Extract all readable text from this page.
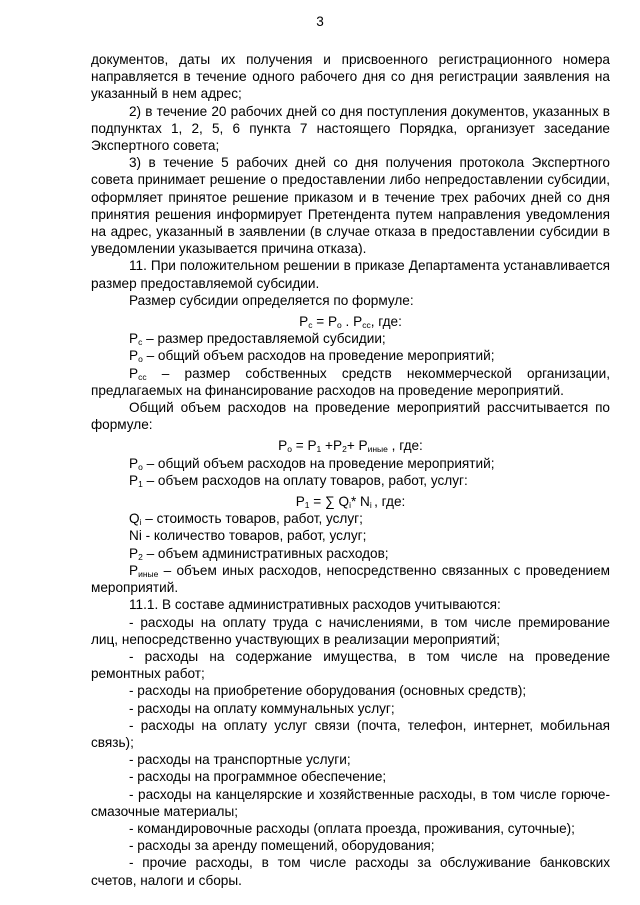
3

документов, даты их получения и присвоенного регистрационного номера направляется в течение одного рабочего дня со дня регистрации заявления на указанный в нем адрес;

2) в течение 20 рабочих дней со дня поступления документов, указанных в подпунктах 1, 2, 5, 6 пункта 7 настоящего Порядка, организует заседание Экспертного совета;

3) в течение 5 рабочих дней со дня получения протокола Экспертного совета принимает решение о предоставлении либо непредоставлении субсидии, оформляет принятое решение приказом и в течение трех рабочих дней со дня принятия решения информирует Претендента путем направления уведомления на адрес, указанный в заявлении (в случае отказа в предоставлении субсидии в уведомлении указывается причина отказа).

11. При положительном решении в приказе Департамента устанавливается размер предоставляемой субсидии.

Размер субсидии определяется по формуле:

$Р_с = Р_о$ . $Р_{сс}$, где:

$Р_с$ – размер предоставляемой субсидии;

$Р_о$ – общий объем расходов на проведение мероприятий;

$Р_{сс}$ – размер собственных средств некоммерческой организации, предлагаемых на финансирование расходов на проведение мероприятий.

Общий объем расходов на проведение мероприятий рассчитывается по формуле:

$Р_о = Р_1 +Р_2+ Р_{иные}$ , где:

$Р_о$ – общий объем расходов на проведение мероприятий;

$Р_1$ – объем расходов на оплату товаров, работ, услуг:

$Р_1$ = ∑ $Q_i*$ $N_i$ , где:

$Q_i$ – стоимость товаров, работ, услуг;

Ni - количество товаров, работ, услуг;

$Р_2$ – объем административных расходов;

$Р_{иные}$ – объем иных расходов, непосредственно связанных с проведением мероприятий.

11.1. В составе административных расходов учитываются:

- расходы на оплату труда с начислениями, в том числе премирование лиц, непосредственно участвующих в реализации мероприятий;

- расходы на содержание имущества, в том числе на проведение ремонтных работ;

- расходы на приобретение оборудования (основных средств);

- расходы на оплату коммунальных услуг;

- расходы на оплату услуг связи (почта, телефон, интернет, мобильная связь);

- расходы на транспортные услуги;

- расходы на программное обеспечение;

- расходы на канцелярские и хозяйственные расходы, в том числе горюче-смазочные материалы;

- командировочные расходы (оплата проезда, проживания, суточные);

- расходы за аренду помещений, оборудования;

- прочие расходы, в том числе расходы за обслуживание банковских счетов, налоги и сборы.
